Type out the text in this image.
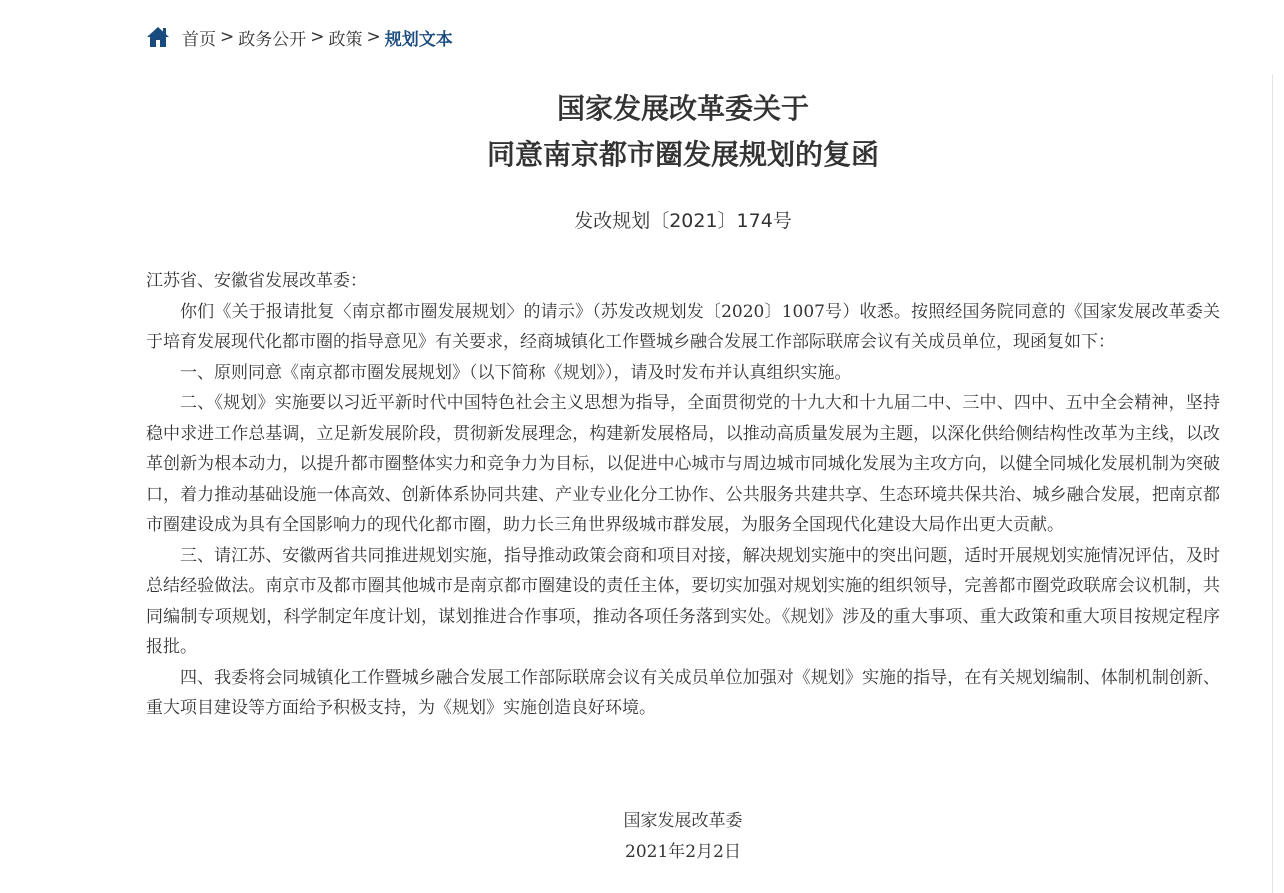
首页 > 政务公开 > 政策 > 规划文本
国家发展改革委关于
同意南京都市圈发展规划的复函
发改规划〔2021〕174号

江苏省、安徽省发展改革委：

你们《关于报请批复〈南京都市圈发展规划〉的请示》（苏发改规划发〔2020〕1007号）收悉。按照经国务院同意的《国家发展改革委关于培育发展现代化都市圈的指导意见》有关要求，经商城镇化工作暨城乡融合发展工作部际联席会议有关成员单位，现函复如下：

一、原则同意《南京都市圈发展规划》（以下简称《规划》），请及时发布并认真组织实施。

二、《规划》实施要以习近平新时代中国特色社会主义思想为指导，全面贯彻党的十九大和十九届二中、三中、四中、五中全会精神，坚持稳中求进工作总基调，立足新发展阶段，贯彻新发展理念，构建新发展格局，以推动高质量发展为主题，以深化供给侧结构性改革为主线，以改革创新为根本动力，以提升都市圈整体实力和竞争力为目标，以促进中心城市与周边城市同城化发展为主攻方向，以健全同城化发展机制为突破口，着力推动基础设施一体高效、创新体系协同共建、产业专业化分工协作、公共服务共建共享、生态环境共保共治、城乡融合发展，把南京都市圈建设成为具有全国影响力的现代化都市圈，助力长三角世界级城市群发展，为服务全国现代化建设大局作出更大贡献。

三、请江苏、安徽两省共同推进规划实施，指导推动政策会商和项目对接，解决规划实施中的突出问题，适时开展规划实施情况评估，及时总结经验做法。南京市及都市圈其他城市是南京都市圈建设的责任主体，要切实加强对规划实施的组织领导，完善都市圈党政联席会议机制，共同编制专项规划，科学制定年度计划，谋划推进合作事项，推动各项任务落到实处。《规划》涉及的重大事项、重大政策和重大项目按规定程序报批。

四、我委将会同城镇化工作暨城乡融合发展工作部际联席会议有关成员单位加强对《规划》实施的指导，在有关规划编制、体制机制创新、重大项目建设等方面给予积极支持，为《规划》实施创造良好环境。

国家发展改革委
2021年2月2日
